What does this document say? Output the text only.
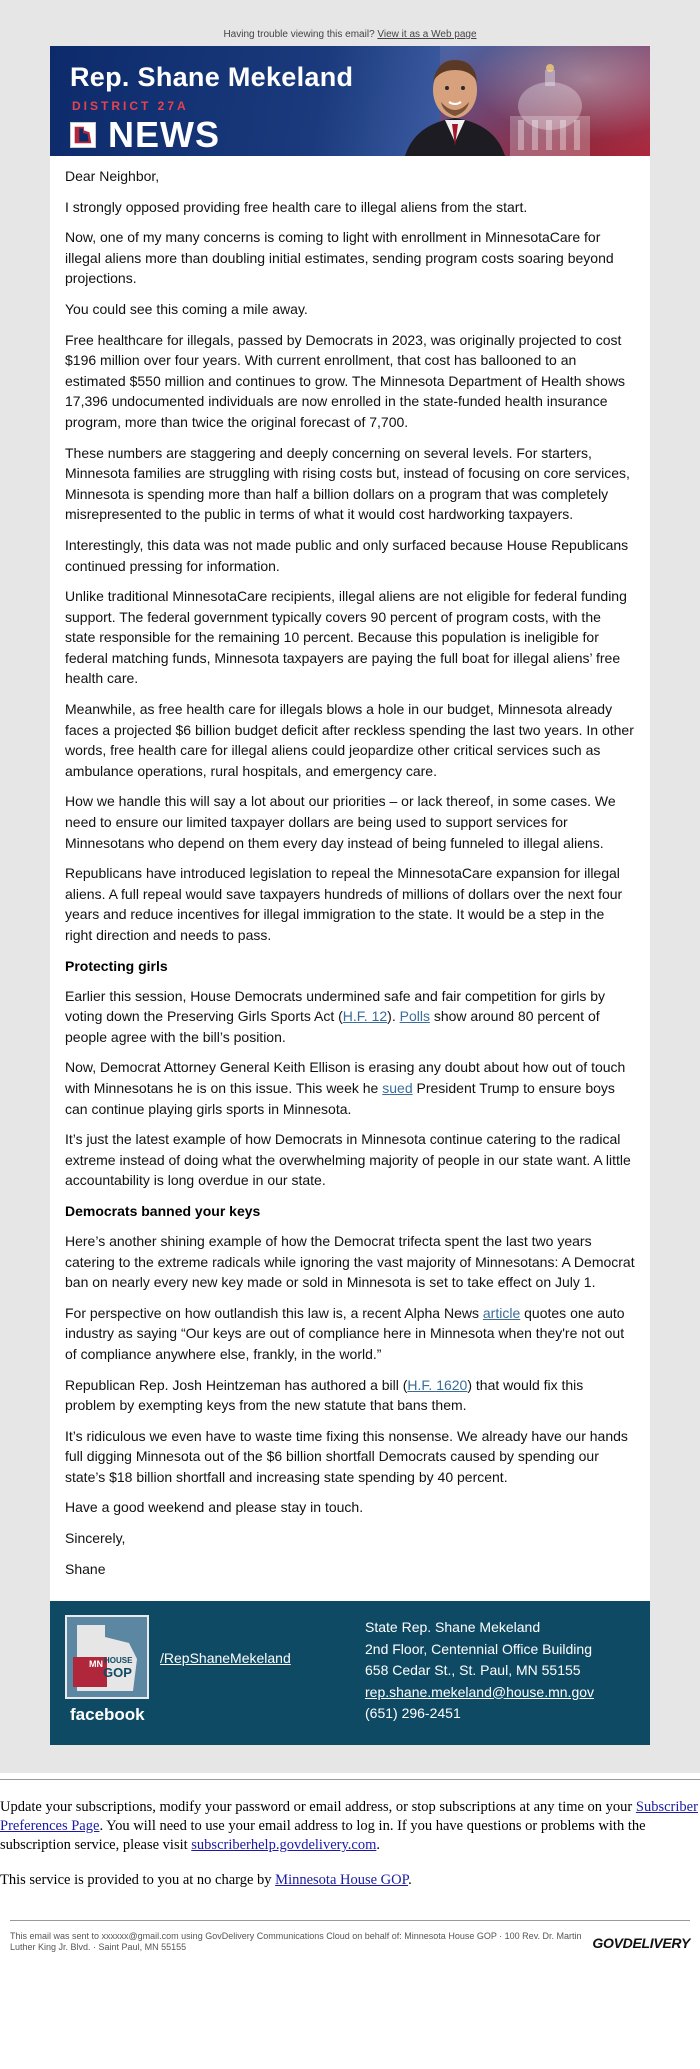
Having trouble viewing this email? View it as a Web page
Rep. Shane Mekeland
DISTRICT 27A
NEWS

Dear Neighbor,

I strongly opposed providing free health care to illegal aliens from the start.

Now, one of my many concerns is coming to light with enrollment in MinnesotaCare for illegal aliens more than doubling initial estimates, sending program costs soaring beyond projections.

You could see this coming a mile away.

Free healthcare for illegals, passed by Democrats in 2023, was originally projected to cost $196 million over four years. With current enrollment, that cost has ballooned to an estimated $550 million and continues to grow. The Minnesota Department of Health shows 17,396 undocumented individuals are now enrolled in the state-funded health insurance program, more than twice the original forecast of 7,700.

These numbers are staggering and deeply concerning on several levels. For starters, Minnesota families are struggling with rising costs but, instead of focusing on core services, Minnesota is spending more than half a billion dollars on a program that was completely misrepresented to the public in terms of what it would cost hardworking taxpayers.

Interestingly, this data was not made public and only surfaced because House Republicans continued pressing for information.

Unlike traditional MinnesotaCare recipients, illegal aliens are not eligible for federal funding support. The federal government typically covers 90 percent of program costs, with the state responsible for the remaining 10 percent. Because this population is ineligible for federal matching funds, Minnesota taxpayers are paying the full boat for illegal aliens’ free health care.

Meanwhile, as free health care for illegals blows a hole in our budget, Minnesota already faces a projected $6 billion budget deficit after reckless spending the last two years. In other words, free health care for illegal aliens could jeopardize other critical services such as ambulance operations, rural hospitals, and emergency care.

How we handle this will say a lot about our priorities – or lack thereof, in some cases. We need to ensure our limited taxpayer dollars are being used to support services for Minnesotans who depend on them every day instead of being funneled to illegal aliens.

Republicans have introduced legislation to repeal the MinnesotaCare expansion for illegal aliens. A full repeal would save taxpayers hundreds of millions of dollars over the next four years and reduce incentives for illegal immigration to the state. It would be a step in the right direction and needs to pass.

Protecting girls

Earlier this session, House Democrats undermined safe and fair competition for girls by voting down the Preserving Girls Sports Act (H.F. 12). Polls show around 80 percent of people agree with the bill’s position.

Now, Democrat Attorney General Keith Ellison is erasing any doubt about how out of touch with Minnesotans he is on this issue. This week he sued President Trump to ensure boys can continue playing girls sports in Minnesota.

It’s just the latest example of how Democrats in Minnesota continue catering to the radical extreme instead of doing what the overwhelming majority of people in our state want. A little accountability is long overdue in our state.

Democrats banned your keys

Here’s another shining example of how the Democrat trifecta spent the last two years catering to the extreme radicals while ignoring the vast majority of Minnesotans: A Democrat ban on nearly every new key made or sold in Minnesota is set to take effect on July 1.

For perspective on how outlandish this law is, a recent Alpha News article quotes one auto industry as saying “Our keys are out of compliance here in Minnesota when they're not out of compliance anywhere else, frankly, in the world.”

Republican Rep. Josh Heintzeman has authored a bill (H.F. 1620) that would fix this problem by exempting keys from the new statute that bans them.

It’s ridiculous we even have to waste time fixing this nonsense. We already have our hands full digging Minnesota out of the $6 billion shortfall Democrats caused by spending our state’s $18 billion shortfall and increasing state spending by 40 percent.

Have a good weekend and please stay in touch.

Sincerely,

Shane

MN HOUSE
GOP
facebook
/RepShaneMekeland
State Rep. Shane Mekeland
2nd Floor, Centennial Office Building
658 Cedar St., St. Paul, MN 55155
rep.shane.mekeland@house.mn.gov
(651) 296-2451

Update your subscriptions, modify your password or email address, or stop subscriptions at any time on your Subscriber Preferences Page. You will need to use your email address to log in. If you have questions or problems with the subscription service, please visit subscriberhelp.govdelivery.com.

This service is provided to you at no charge by Minnesota House GOP.

This email was sent to xxxxxx@gmail.com using GovDelivery Communications Cloud on behalf of: Minnesota House GOP · 100 Rev. Dr. Martin Luther King Jr. Blvd. · Saint Paul, MN 55155	GOVDELIVERY
